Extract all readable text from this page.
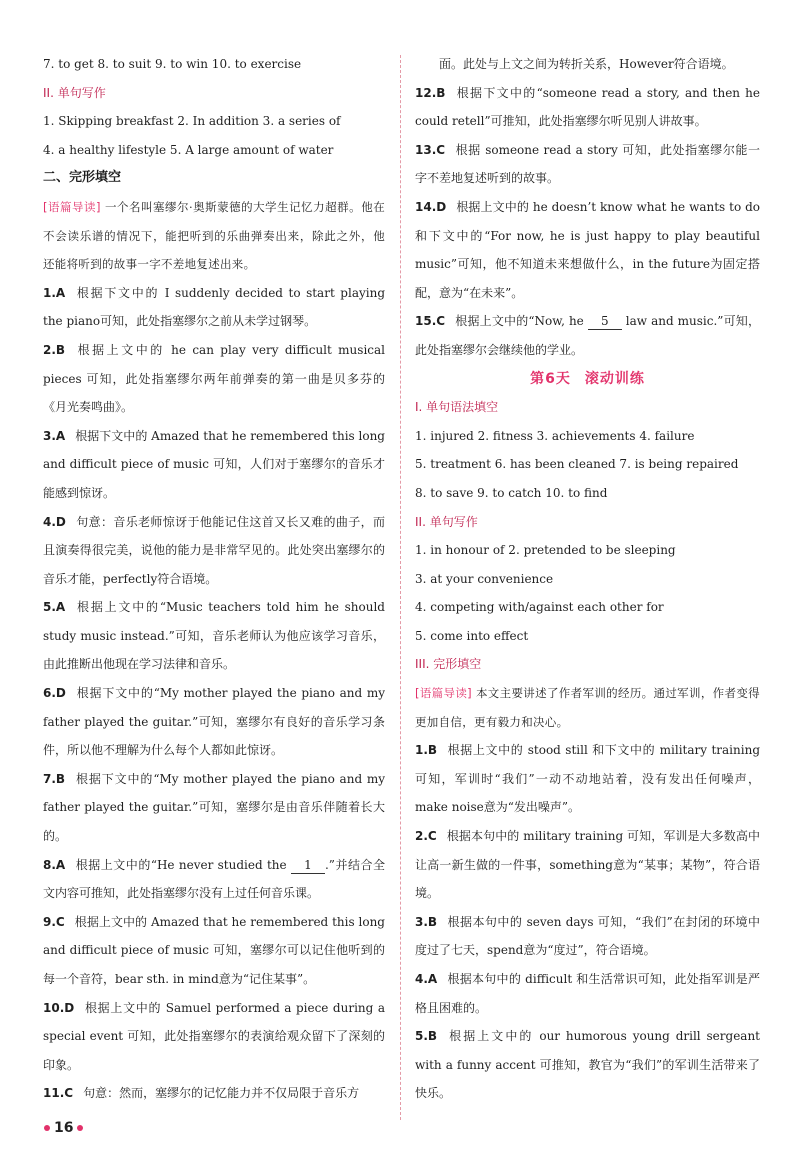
7. to get 8. to suit 9. to win 10. to exercise
II. 单句写作
1. Skipping breakfast 2. In addition 3. a series of
4. a healthy lifestyle 5. A large amount of water
二、完形填空
[语篇导读] 一个名叫塞缪尔·奥斯蒙德的大学生记忆力超群。他在不会读乐谱的情况下，能把听到的乐曲弹奏出来，除此之外，他还能将听到的故事一字不差地复述出来。
1.A 根据下文中的 I suddenly decided to start playing the piano可知，此处指塞缪尔之前从未学过钢琴。
2.B 根据上文中的 he can play very difficult musical pieces 可知，此处指塞缪尔两年前弹奏的第一曲是贝多芬的《月光奏鸣曲》。
3.A 根据下文中的 Amazed that he remembered this long and difficult piece of music 可知，人们对于塞缪尔的音乐才能感到惊讶。
4.D 句意：音乐老师惊讶于他能记住这首又长又难的曲子，而且演奏得很完美，说他的能力是非常罕见的。此处突出塞缪尔的音乐才能，perfectly符合语境。
5.A 根据上文中的“Music teachers told him he should study music instead.”可知，音乐老师认为他应该学习音乐，由此推断出他现在学习法律和音乐。
6.D 根据下文中的“My mother played the piano and my father played the guitar.”可知，塞缪尔有良好的音乐学习条件，所以他不理解为什么每个人都如此惊讶。
7.B 根据下文中的“My mother played the piano and my father played the guitar.”可知，塞缪尔是由音乐伴随着长大的。
8.A 根据上文中的“He never studied the 1 .”并结合全文内容可推知，此处指塞缪尔没有上过任何音乐课。
9.C 根据上文中的 Amazed that he remembered this long and difficult piece of music 可知，塞缪尔可以记住他听到的每一个音符，bear sth. in mind意为“记住某事”。
10.D 根据上文中的 Samuel performed a piece during a special event 可知，此处指塞缪尔的表演给观众留下了深刻的印象。
11.C 句意：然而，塞缪尔的记忆能力并不仅局限于音乐方
面。此处与上文之间为转折关系，However符合语境。
12.B 根据下文中的“someone read a story, and then he could retell”可推知，此处指塞缪尔听见别人讲故事。
13.C 根据 someone read a story 可知，此处指塞缪尔能一字不差地复述听到的故事。
14.D 根据上文中的 he doesn’t know what he wants to do 和下文中的“For now, he is just happy to play beautiful music”可知，他不知道未来想做什么，in the future为固定搭配，意为“在未来”。
15.C 根据上文中的“Now, he 5 law and music.”可知，此处指塞缪尔会继续他的学业。
第6天 滚动训练
I. 单句语法填空
1. injured 2. fitness 3. achievements 4. failure
5. treatment 6. has been cleaned 7. is being repaired
8. to save 9. to catch 10. to find
II. 单句写作
1. in honour of 2. pretended to be sleeping
3. at your convenience
4. competing with/against each other for
5. come into effect
III. 完形填空
[语篇导读] 本文主要讲述了作者军训的经历。通过军训，作者变得更加自信，更有毅力和决心。
1.B 根据上文中的 stood still 和下文中的 military training 可知，军训时“我们”一动不动地站着，没有发出任何噪声，make noise意为“发出噪声”。
2.C 根据本句中的 military training 可知，军训是大多数高中让高一新生做的一件事，something意为“某事；某物”，符合语境。
3.B 根据本句中的 seven days 可知，“我们”在封闭的环境中度过了七天，spend意为“度过”，符合语境。
4.A 根据本句中的 difficult 和生活常识可知，此处指军训是严格且困难的。
5.B 根据上文中的 our humorous young drill sergeant with a funny accent 可推知，教官为“我们”的军训生活带来了快乐。
16
